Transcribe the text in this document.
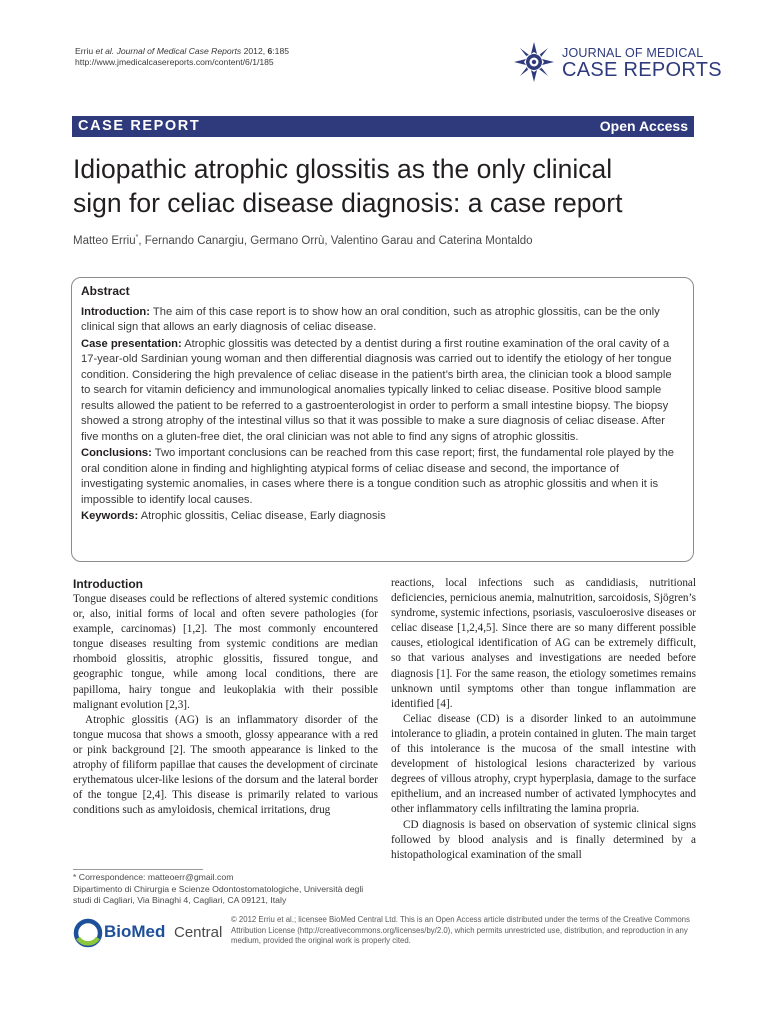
Erriu et al. Journal of Medical Case Reports 2012, 6:185
http://www.jmedicalcasereports.com/content/6/1/185
JOURNAL OF MEDICAL
CASE REPORTS
CASE REPORT	Open Access
Idiopathic atrophic glossitis as the only clinical
sign for celiac disease diagnosis: a case report
Matteo Erriu*, Fernando Canargiu, Germano Orrù, Valentino Garau and Caterina Montaldo
Abstract

Introduction: The aim of this case report is to show how an oral condition, such as atrophic glossitis, can be the only clinical sign that allows an early diagnosis of celiac disease.

Case presentation: Atrophic glossitis was detected by a dentist during a first routine examination of the oral cavity of a 17-year-old Sardinian young woman and then differential diagnosis was carried out to identify the etiology of her tongue condition. Considering the high prevalence of celiac disease in the patient’s birth area, the clinician took a blood sample to search for vitamin deficiency and immunological anomalies typically linked to celiac disease. Positive blood sample results allowed the patient to be referred to a gastroenterologist in order to perform a small intestine biopsy. The biopsy showed a strong atrophy of the intestinal villus so that it was possible to make a sure diagnosis of celiac disease. After five months on a gluten-free diet, the oral clinician was not able to find any signs of atrophic glossitis.

Conclusions: Two important conclusions can be reached from this case report; first, the fundamental role played by the oral condition alone in finding and highlighting atypical forms of celiac disease and second, the importance of investigating systemic anomalies, in cases where there is a tongue condition such as atrophic glossitis and when it is impossible to identify local causes.

Keywords: Atrophic glossitis, Celiac disease, Early diagnosis

Introduction

Tongue diseases could be reflections of altered systemic conditions or, also, initial forms of local and often severe pathologies (for example, carcinomas) [1,2]. The most commonly encountered tongue diseases resulting from systemic conditions are median rhomboid glossitis, atrophic glossitis, fissured tongue, and geographic tongue, while among local conditions, there are papilloma, hairy tongue and leukoplakia with their possible malignant evolution [2,3].

Atrophic glossitis (AG) is an inflammatory disorder of the tongue mucosa that shows a smooth, glossy appearance with a red or pink background [2]. The smooth appearance is linked to the atrophy of filiform papillae that causes the development of circinate erythematous ulcer-like lesions of the dorsum and the lateral border of the tongue [2,4]. This disease is primarily related to various conditions such as amyloidosis, chemical irritations, drug

reactions, local infections such as candidiasis, nutritional deficiencies, pernicious anemia, malnutrition, sarcoidosis, Sjögren’s syndrome, systemic infections, psoriasis, vasculoerosive diseases or celiac disease [1,2,4,5]. Since there are so many different possible causes, etiological identification of AG can be extremely difficult, so that various analyses and investigations are needed before diagnosis [1]. For the same reason, the etiology sometimes remains unknown until symptoms other than tongue inflammation are identified [4].

Celiac disease (CD) is a disorder linked to an autoimmune intolerance to gliadin, a protein contained in gluten. The main target of this intolerance is the mucosa of the small intestine with development of histological lesions characterized by various degrees of villous atrophy, crypt hyperplasia, damage to the surface epithelium, and an increased number of activated lymphocytes and other inflammatory cells infiltrating the lamina propria.

CD diagnosis is based on observation of systemic clinical signs followed by blood analysis and is finally determined by a histopathological examination of the small

* Correspondence: matteoerr@gmail.com

Dipartimento di Chirurgia e Scienze Odontostomatologiche, Università degli studi di Cagliari, Via Binaghi 4, Cagliari, CA 09121, Italy

BioMed Central
© 2012 Erriu et al.; licensee BioMed Central Ltd. This is an Open Access article distributed under the terms of the Creative Commons Attribution License (http://creativecommons.org/licenses/by/2.0), which permits unrestricted use, distribution, and reproduction in any medium, provided the original work is properly cited.
